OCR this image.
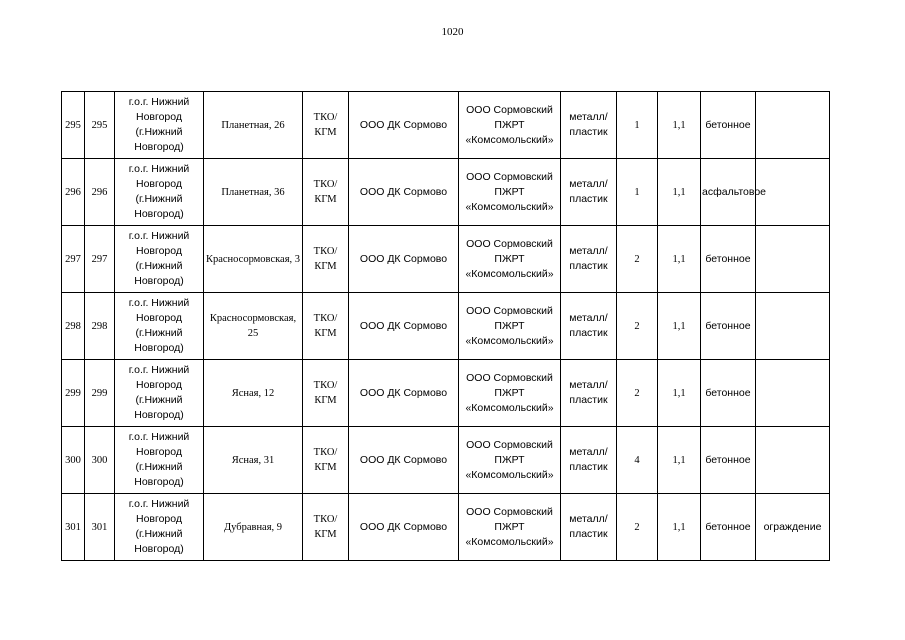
1020
295	295	г.о.г. Нижний Новгород (г.Нижний Новгород)	Планетная, 26	ТКО/КГМ	ООО ДК Сормово	ООО Сормовский ПЖРТ «Комсомольский»	металл/пластик	1	1,1	бетонное	
296	296	г.о.г. Нижний Новгород (г.Нижний Новгород)	Планетная, 36	ТКО/КГМ	ООО ДК Сормово	ООО Сормовский ПЖРТ «Комсомольский»	металл/пластик	1	1,1	асфальтовое	
297	297	г.о.г. Нижний Новгород (г.Нижний Новгород)	Красносормовская, 3	ТКО/КГМ	ООО ДК Сормово	ООО Сормовский ПЖРТ «Комсомольский»	металл/пластик	2	1,1	бетонное	
298	298	г.о.г. Нижний Новгород (г.Нижний Новгород)	Красносормовская, 25	ТКО/КГМ	ООО ДК Сормово	ООО Сормовский ПЖРТ «Комсомольский»	металл/пластик	2	1,1	бетонное	
299	299	г.о.г. Нижний Новгород (г.Нижний Новгород)	Ясная, 12	ТКО/КГМ	ООО ДК Сормово	ООО Сормовский ПЖРТ «Комсомольский»	металл/пластик	2	1,1	бетонное	
300	300	г.о.г. Нижний Новгород (г.Нижний Новгород)	Ясная, 31	ТКО/КГМ	ООО ДК Сормово	ООО Сормовский ПЖРТ «Комсомольский»	металл/пластик	4	1,1	бетонное	
301	301	г.о.г. Нижний Новгород (г.Нижний Новгород)	Дубравная, 9	ТКО/КГМ	ООО ДК Сормово	ООО Сормовский ПЖРТ «Комсомольский»	металл/пластик	2	1,1	бетонное	ограждение
